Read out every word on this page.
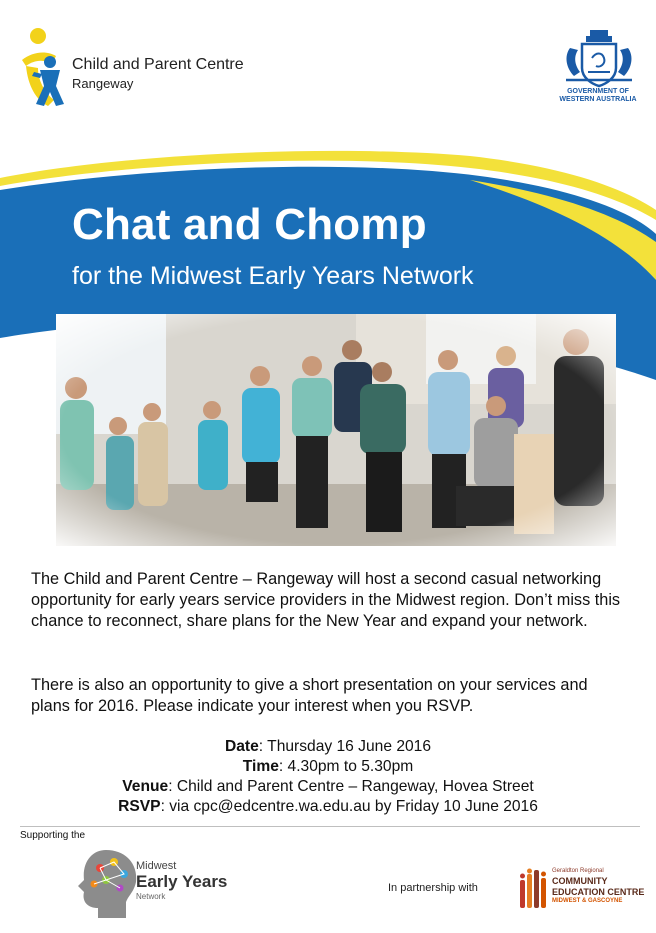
Child and Parent Centre
Rangeway
GOVERNMENT OF
WESTERN AUSTRALIA
Chat and Chomp
for the Midwest Early Years Network
The Child and Parent Centre – Rangeway will host a second casual networking opportunity for early years service providers in the Midwest region. Don’t miss this chance to reconnect, share plans for the New Year and expand your network.
There is also an opportunity to give a short presentation on your services and plans for 2016. Please indicate your interest when you RSVP.
Date: Thursday 16 June 2016
Time: 4.30pm to 5.30pm
Venue: Child and Parent Centre – Rangeway, Hovea Street
RSVP: via cpc@edcentre.wa.edu.au by Friday 10 June 2016
Supporting the
Midwest
Early Years
Network
In partnership with
Geraldton Regional
COMMUNITY
EDUCATION CENTRE
MIDWEST & GASCOYNE
